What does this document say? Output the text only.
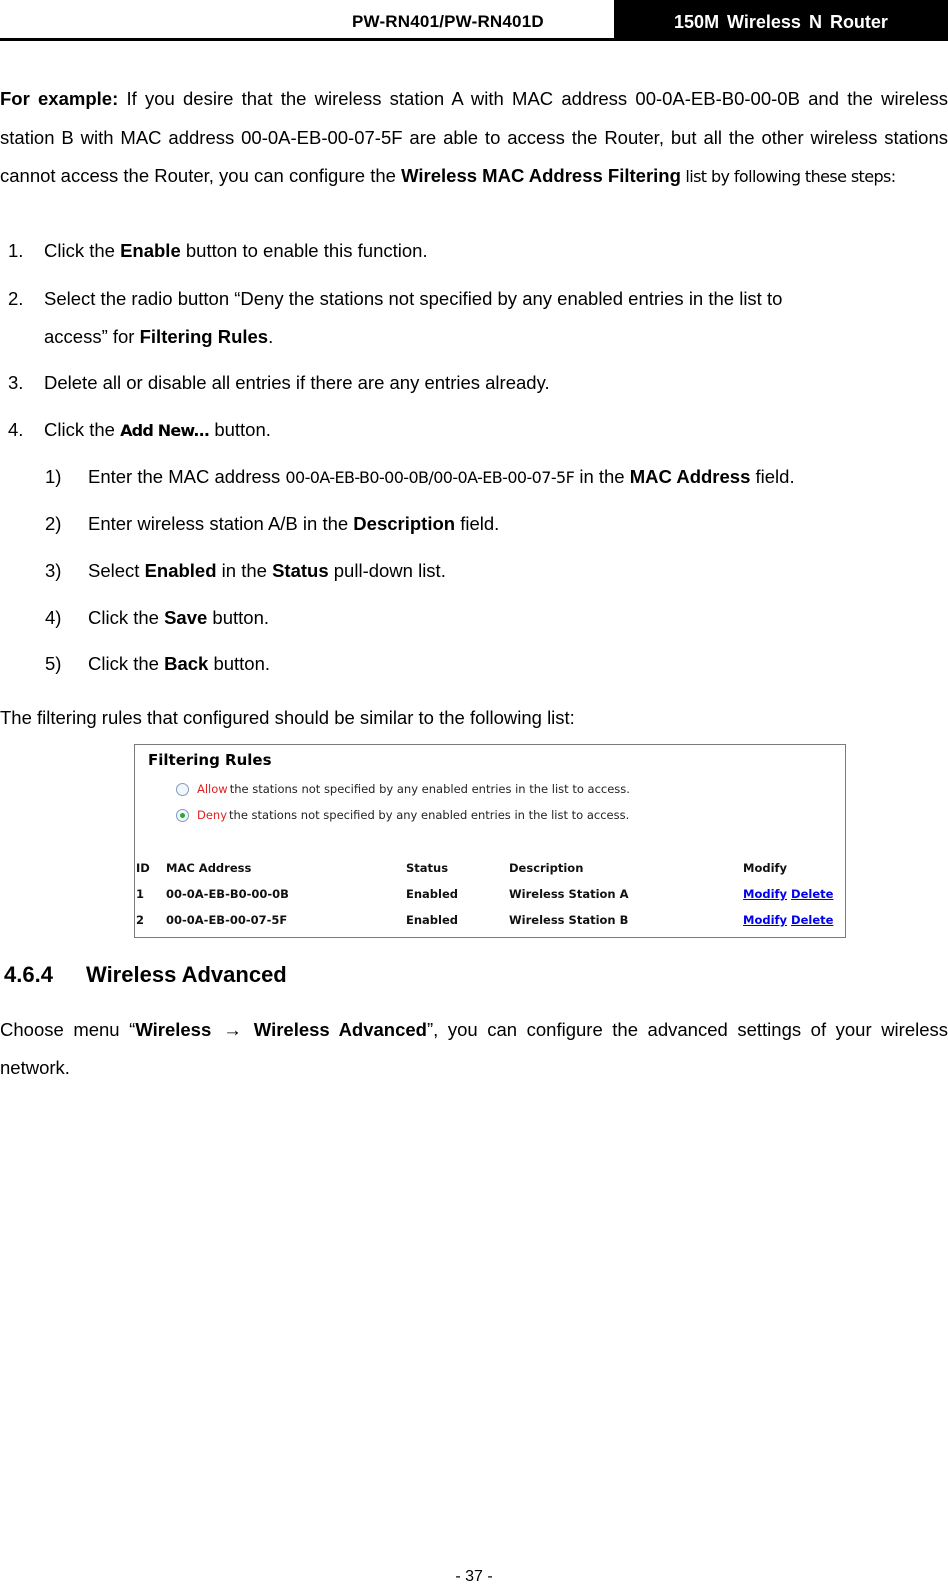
PW-RN401/PW-RN401D	150M Wireless N Router

For example: If you desire that the wireless station A with MAC address 00-0A-EB-B0-00-0B and the wireless station B with MAC address 00-0A-EB-00-07-5F are able to access the Router, but all the other wireless stations cannot access the Router, you can configure the Wireless MAC Address Filtering list by following these steps:

1. Click the Enable button to enable this function.
2. Select the radio button “Deny the stations not specified by any enabled entries in the list to
access” for Filtering Rules.
3. Delete all or disable all entries if there are any entries already.
4. Click the Add New... button.
1) Enter the MAC address 00-0A-EB-B0-00-0B/00-0A-EB-00-07-5F in the MAC Address field.
2) Enter wireless station A/B in the Description field.
3) Select Enabled in the Status pull-down list.
4) Click the Save button.
5) Click the Back button.

The filtering rules that configured should be similar to the following list:

Filtering Rules
Allow the stations not specified by any enabled entries in the list to access.
Deny the stations not specified by any enabled entries in the list to access.
ID MAC Address	Status	Description	Modify
1 00-0A-EB-B0-00-0B	Enabled	Wireless Station A	Modify Delete
2 00-0A-EB-00-07-5F	Enabled	Wireless Station B	Modify Delete
4.6.4 Wireless Advanced

Choose menu “Wireless → Wireless Advanced”, you can configure the advanced settings of your wireless network.

- 37 -
